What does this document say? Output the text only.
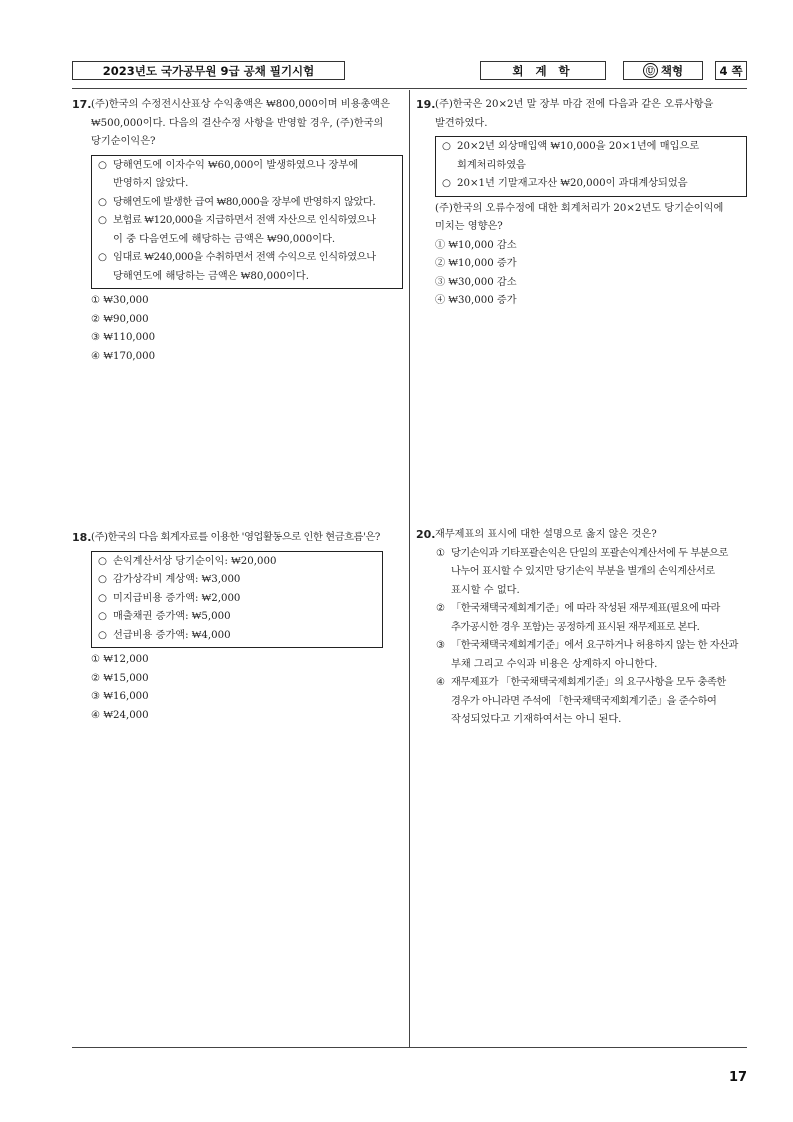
2023년도 국가공무원 9급 공채 필기시험	회 계 학	Ⓤ 책형	4 쪽
17. (주)한국의 수정전시산표상 수익총액은 ₩800,000이며 비용총액은

₩500,000이다. 다음의 결산수정 사항을 반영할 경우, (주)한국의

당기순이익은?

○ 당해연도에 이자수익 ₩60,000이 발생하였으나 장부에
반영하지 않았다.
○ 당해연도에 발생한 급여 ₩80,000을 장부에 반영하지 않았다.
○ 보험료 ₩120,000을 지급하면서 전액 자산으로 인식하였으나
이 중 다음연도에 해당하는 금액은 ₩90,000이다.
○ 임대료 ₩240,000을 수취하면서 전액 수익으로 인식하였으나
당해연도에 해당하는 금액은 ₩80,000이다.
① ₩30,000
② ₩90,000
③ ₩110,000
④ ₩170,000
18. (주)한국의 다음 회계자료를 이용한 '영업활동으로 인한 현금흐름'은?

○ 손익계산서상 당기순이익: ₩20,000
○ 감가상각비 계상액: ₩3,000
○ 미지급비용 증가액: ₩2,000
○ 매출채권 증가액: ₩5,000
○ 선급비용 증가액: ₩4,000
① ₩12,000
② ₩15,000
③ ₩16,000
④ ₩24,000
19. (주)한국은 20×2년 말 장부 마감 전에 다음과 같은 오류사항을

발견하였다.

○ 20×2년 외상매입액 ₩10,000을 20×1년에 매입으로
회계처리하였음
○ 20×1년 기말재고자산 ₩20,000이 과대계상되었음

(주)한국의 오류수정에 대한 회계처리가 20×2년도 당기순이익에

미치는 영향은?

① ₩10,000 감소
② ₩10,000 증가
③ ₩30,000 감소
④ ₩30,000 증가
20. 재무제표의 표시에 대한 설명으로 옳지 않은 것은?

① 당기손익과 기타포괄손익은 단일의 포괄손익계산서에 두 부분으로
나누어 표시할 수 있지만 당기손익 부분을 별개의 손익계산서로
표시할 수 없다.
② 「한국채택국제회계기준」에 따라 작성된 재무제표(필요에 따라
추가공시한 경우 포함)는 공정하게 표시된 재무제표로 본다.
③ 「한국채택국제회계기준」에서 요구하거나 허용하지 않는 한 자산과
부채 그리고 수익과 비용은 상계하지 아니한다.
④ 재무제표가 「한국채택국제회계기준」의 요구사항을 모두 충족한
경우가 아니라면 주석에 「한국채택국제회계기준」을 준수하여
작성되었다고 기재하여서는 아니 된다.
17
